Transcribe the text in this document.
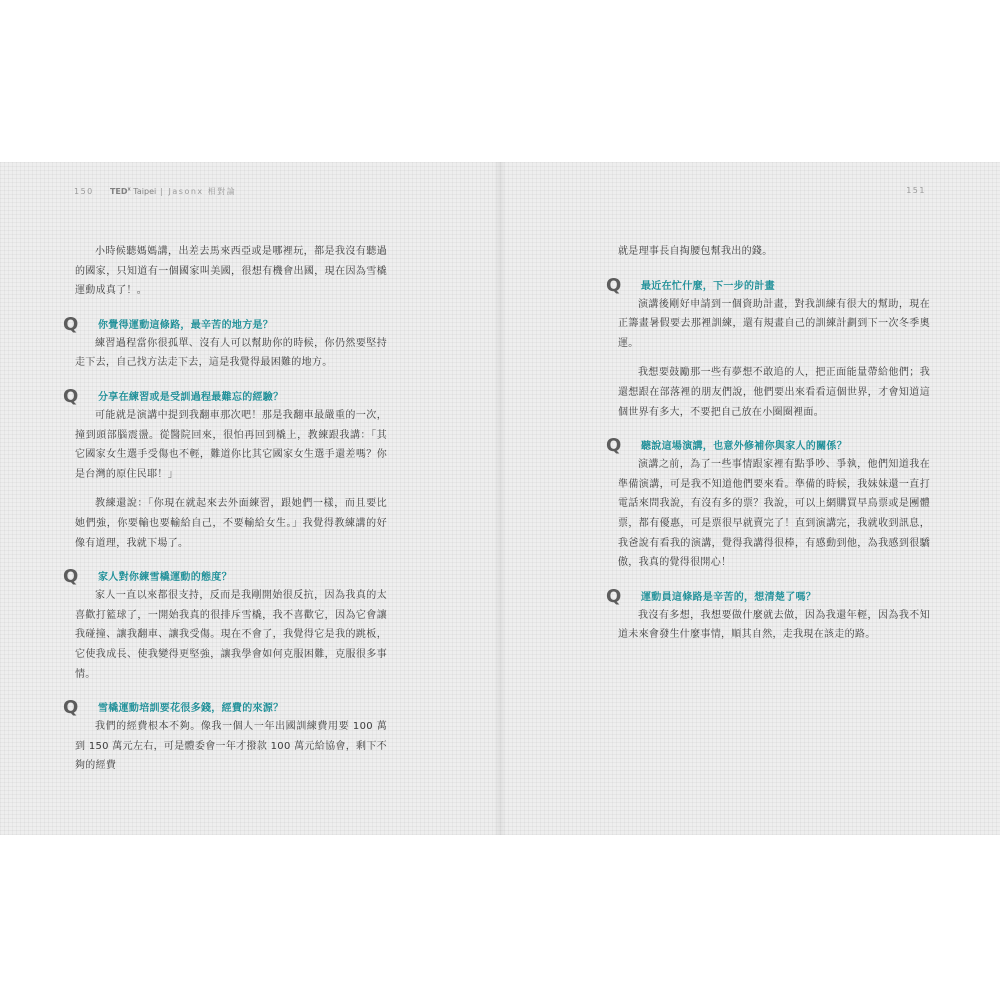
150 TED$^x$ Taipei | Jasonx 相對論

小時候聽媽媽講，出差去馬來西亞或是哪裡玩，都是我沒有聽過的國家，只知道有一個國家叫美國，很想有機會出國，現在因為雪橇運動成真了！。

Q 你覺得運動這條路，最辛苦的地方是？

練習過程當你很孤單、沒有人可以幫助你的時候，你仍然要堅持走下去，自己找方法走下去，這是我覺得最困難的地方。

Q 分享在練習或是受訓過程最難忘的經驗？

可能就是演講中提到我翻車那次吧！那是我翻車最嚴重的一次，撞到頭部腦震盪。從醫院回來，很怕再回到橇上，教練跟我講：「其它國家女生選手受傷也不輕，難道你比其它國家女生選手還差嗎？你是台灣的原住民耶！」

教練還說：「你現在就起來去外面練習，跟她們一樣，而且要比她們強，你要輸也要輸給自己，不要輸給女生。」我覺得教練講的好像有道理，我就下場了。

Q 家人對你練雪橇運動的態度？

家人一直以來都很支持，反而是我剛開始很反抗，因為我真的太喜歡打籃球了，一開始我真的很排斥雪橇，我不喜歡它，因為它會讓我碰撞、讓我翻車、讓我受傷。現在不會了，我覺得它是我的跳板，它使我成長、使我變得更堅強，讓我學會如何克服困難，克服很多事情。

Q 雪橇運動培訓要花很多錢，經費的來源？

我們的經費根本不夠。像我一個人一年出國訓練費用要 100 萬到 150 萬元左右，可是體委會一年才撥款 100 萬元給協會，剩下不夠的經費

151

就是理事長自掏腰包幫我出的錢。

Q 最近在忙什麼，下一步的計畫

演講後剛好申請到一個資助計畫，對我訓練有很大的幫助，現在正籌畫暑假要去那裡訓練，還有規畫自己的訓練計劃到下一次冬季奧運。

我想要鼓勵那一些有夢想不敢追的人，把正面能量帶給他們；我還想跟在部落裡的朋友們說，他們要出來看看這個世界，才會知道這個世界有多大，不要把自己放在小圈圈裡面。

Q 聽說這場演講，也意外修補你與家人的關係？

演講之前，為了一些事情跟家裡有點爭吵、爭執，他們知道我在準備演講，可是我不知道他們要來看。準備的時候，我妹妹還一直打電話來問我說，有沒有多的票？我說，可以上網購買早鳥票或是團體票，都有優惠，可是票很早就賣完了！直到演講完，我就收到訊息，我爸說有看我的演講，覺得我講得很棒，有感動到他，為我感到很驕傲，我真的覺得很開心！

Q 運動員這條路是辛苦的，想清楚了嗎？

我沒有多想，我想要做什麼就去做，因為我還年輕，因為我不知道未來會發生什麼事情，順其自然，走我現在該走的路。
